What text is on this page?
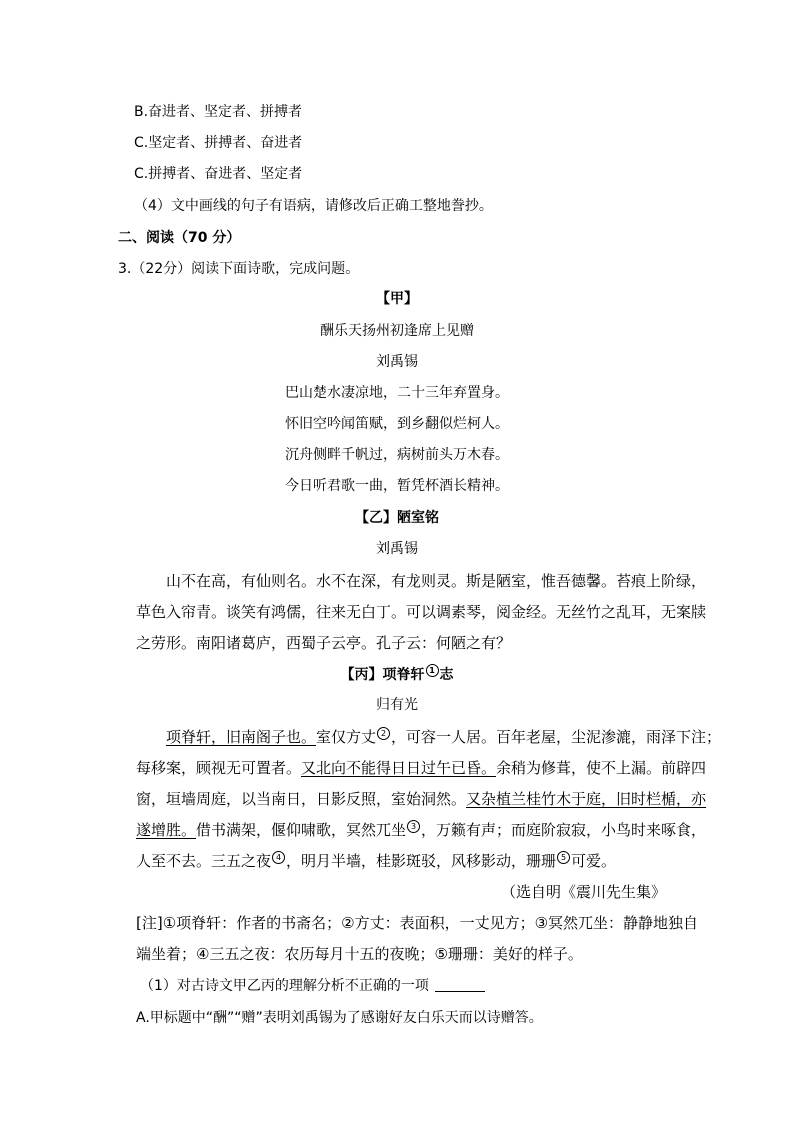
B.奋进者、坚定者、拼搏者
C.坚定者、拼搏者、奋进者
C.拼搏者、奋进者、坚定者
（4）文中画线的句子有语病，请修改后正确工整地誊抄。
二、阅读（70 分）
3.（22分）阅读下面诗歌，完成问题。
【甲】
酬乐天扬州初逢席上见赠
刘禹锡
巴山楚水凄凉地，二十三年弃置身。
怀旧空吟闻笛赋，到乡翻似烂柯人。
沉舟侧畔千帆过，病树前头万木春。
今日听君歌一曲，暂凭杯酒长精神。
【乙】陋室铭
刘禹锡
山不在高，有仙则名。水不在深，有龙则灵。斯是陋室，惟吾德馨。苔痕上阶绿，
草色入帘青。谈笑有鸿儒，往来无白丁。可以调素琴，阅金经。无丝竹之乱耳，无案牍
之劳形。南阳诸葛庐，西蜀子云亭。孔子云：何陋之有？
【丙】项脊轩 1 志
归有光
项脊轩，旧南阁子也。室仅方丈 2 ，可容一人居。百年老屋，尘泥渗漉，雨泽下注；
每移案，顾视无可置者。又北向不能得日日过午已昏。余稍为修葺，使不上漏。前辟四
窗，垣墙周庭，以当南日，日影反照，室始洞然。又杂植兰桂竹木于庭，旧时栏楯，亦
遂增胜。借书满架，偃仰啸歌，冥然兀坐 3 ，万籁有声；而庭阶寂寂，小鸟时来啄食，
人至不去。三五之夜 4 ，明月半墙，桂影斑驳，风移影动，珊珊 5 可爱。
（选自明《震川先生集》
[注]①项脊轩：作者的书斋名；②方丈：表面积，一丈见方；③冥然兀坐：静静地独自
端坐着；④三五之夜：农历每月十五的夜晚；⑤珊珊：美好的样子。
（1）对古诗文甲乙丙的理解分析不正确的一项
A.甲标题中“酬”“赠”表明刘禹锡为了感谢好友白乐天而以诗赠答。
